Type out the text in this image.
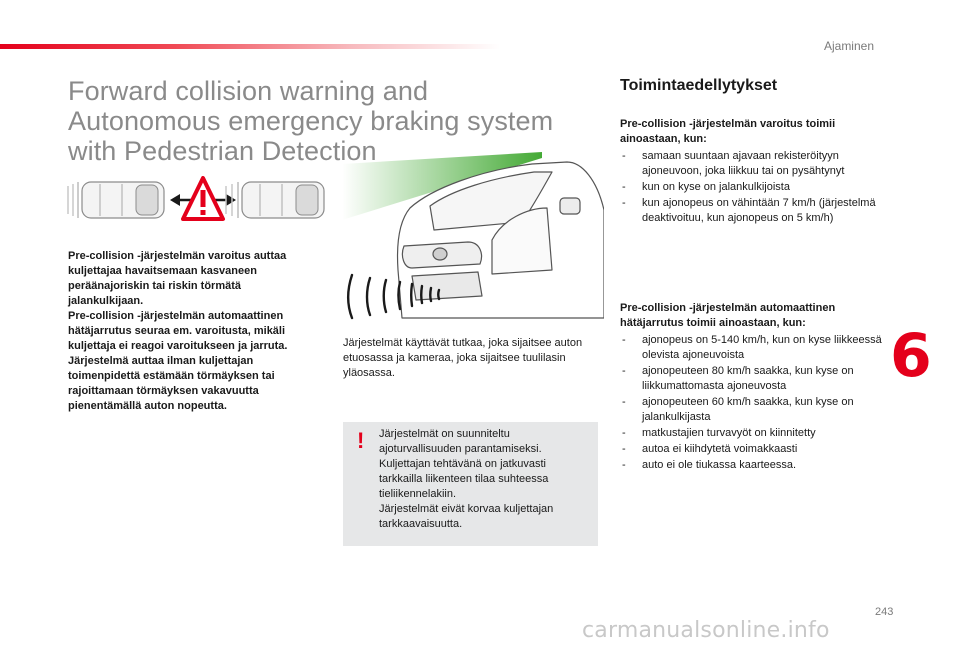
Ajaminen
Forward collision warning and
Autonomous emergency braking system
with Pedestrian Detection

Pre-collision -järjestelmän varoitus auttaa kuljettajaa havaitsemaan kasvaneen peräänajoriskin tai riskin törmätä jalankulkijaan.

Pre-collision -järjestelmän automaattinen hätäjarrutus seuraa em. varoitusta, mikäli kuljettaja ei reagoi varoitukseen ja jarruta. Järjestelmä auttaa ilman kuljettajan toimenpidettä estämään törmäyksen tai rajoittamaan törmäyksen vakavuutta pienentämällä auton nopeutta.

Järjestelmät käyttävät tutkaa, joka sijaitsee auton etuosassa ja kameraa, joka sijaitsee tuulilasin yläosassa.
! Järjestelmät on suunniteltu ajoturvallisuuden parantamiseksi. Kuljettajan tehtävänä on jatkuvasti tarkkailla liikenteen tilaa suhteessa tieliikennelakiin.

Järjestelmät eivät korvaa kuljettajan tarkkaavaisuutta.

Toimintaedellytykset

Pre-collision -järjestelmän varoitus toimii ainoastaan, kun:

- samaan suuntaan ajavaan rekisteröityyn ajoneuvoon, joka liikkuu tai on pysähtynyt
- kun on kyse on jalankulkijoista
- kun ajonopeus on vähintään 7 km/h (järjestelmä deaktivoituu, kun ajonopeus on 5 km/h)

Pre-collision -järjestelmän automaattinen hätäjarrutus toimii ainoastaan, kun:

- ajonopeus on 5-140 km/h, kun on kyse liikkeessä olevista ajoneuvoista
- ajonopeuteen 80 km/h saakka, kun kyse on liikkumattomasta ajoneuvosta
- ajonopeuteen 60 km/h saakka, kun kyse on jalankulkijasta
- matkustajien turvavyöt on kiinnitetty
- autoa ei kiihdytetä voimakkaasti
- auto ei ole tiukassa kaarteessa.
6
243
carmanualsonline.info
